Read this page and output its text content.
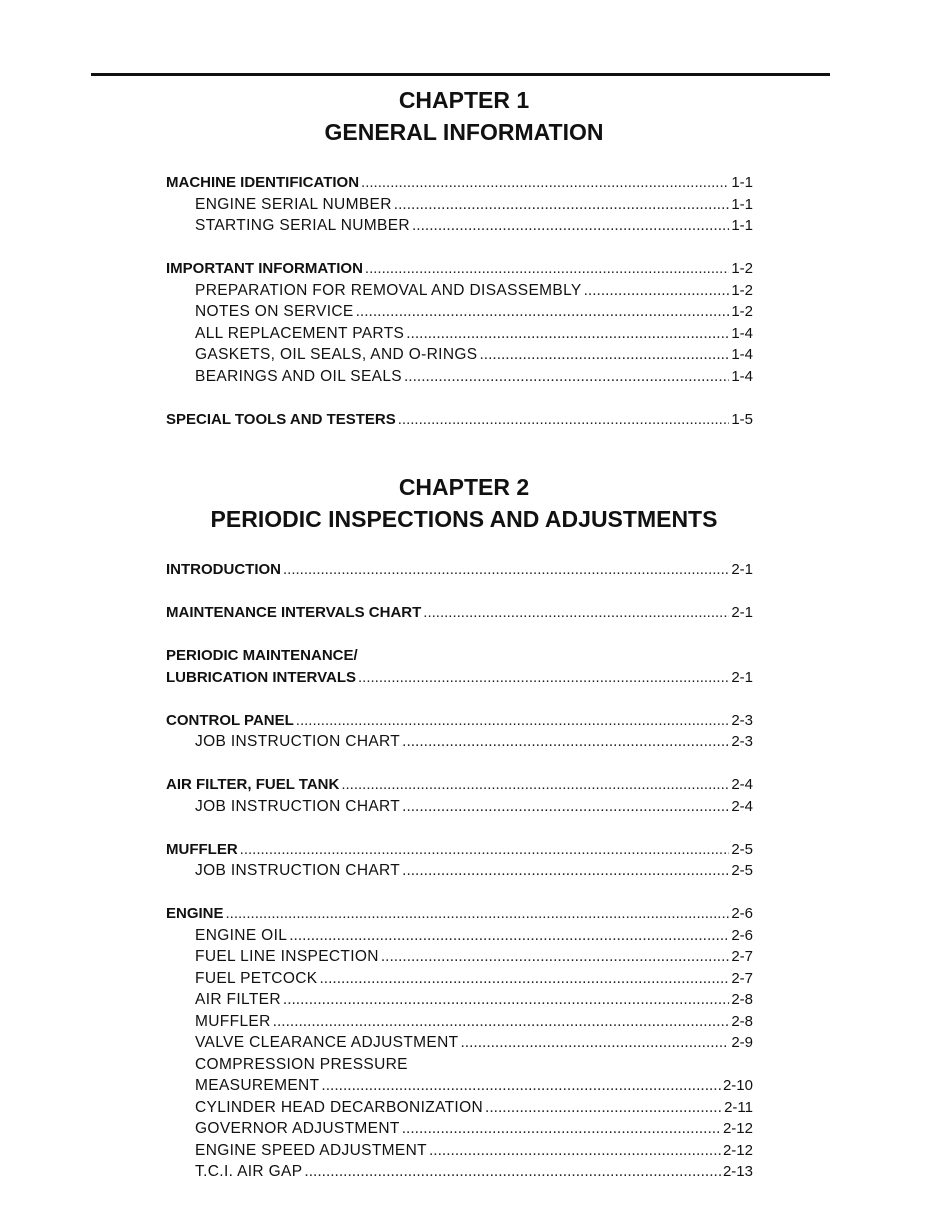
CHAPTER 1
GENERAL INFORMATION
MACHINE IDENTIFICATION .....	1-1
ENGINE SERIAL NUMBER .....	1-1
STARTING SERIAL NUMBER .....	1-1
IMPORTANT INFORMATION .....	1-2
PREPARATION FOR REMOVAL AND DISASSEMBLY .....	1-2
NOTES ON SERVICE .....	1-2
ALL REPLACEMENT PARTS .....	1-4
GASKETS, OIL SEALS, AND O-RINGS .....	1-4
BEARINGS AND OIL SEALS .....	1-4
SPECIAL TOOLS AND TESTERS .....	1-5
CHAPTER 2
PERIODIC INSPECTIONS AND ADJUSTMENTS
INTRODUCTION .....	2-1
MAINTENANCE INTERVALS CHART .....	2-1
PERIODIC MAINTENANCE/
LUBRICATION INTERVALS .....	2-1
CONTROL PANEL .....	2-3
JOB INSTRUCTION CHART .....	2-3
AIR FILTER, FUEL TANK .....	2-4
JOB INSTRUCTION CHART .....	2-4
MUFFLER .....	2-5
JOB INSTRUCTION CHART .....	2-5
ENGINE .....	2-6
ENGINE OIL .....	2-6
FUEL LINE INSPECTION .....	2-7
FUEL PETCOCK .....	2-7
AIR FILTER .....	2-8
MUFFLER .....	2-8
VALVE CLEARANCE ADJUSTMENT .....	2-9
COMPRESSION PRESSURE
MEASUREMENT .....	2-10
CYLINDER HEAD DECARBONIZATION .....	2-11
GOVERNOR ADJUSTMENT .....	2-12
ENGINE SPEED ADJUSTMENT .....	2-12
T.C.I. AIR GAP .....	2-13
